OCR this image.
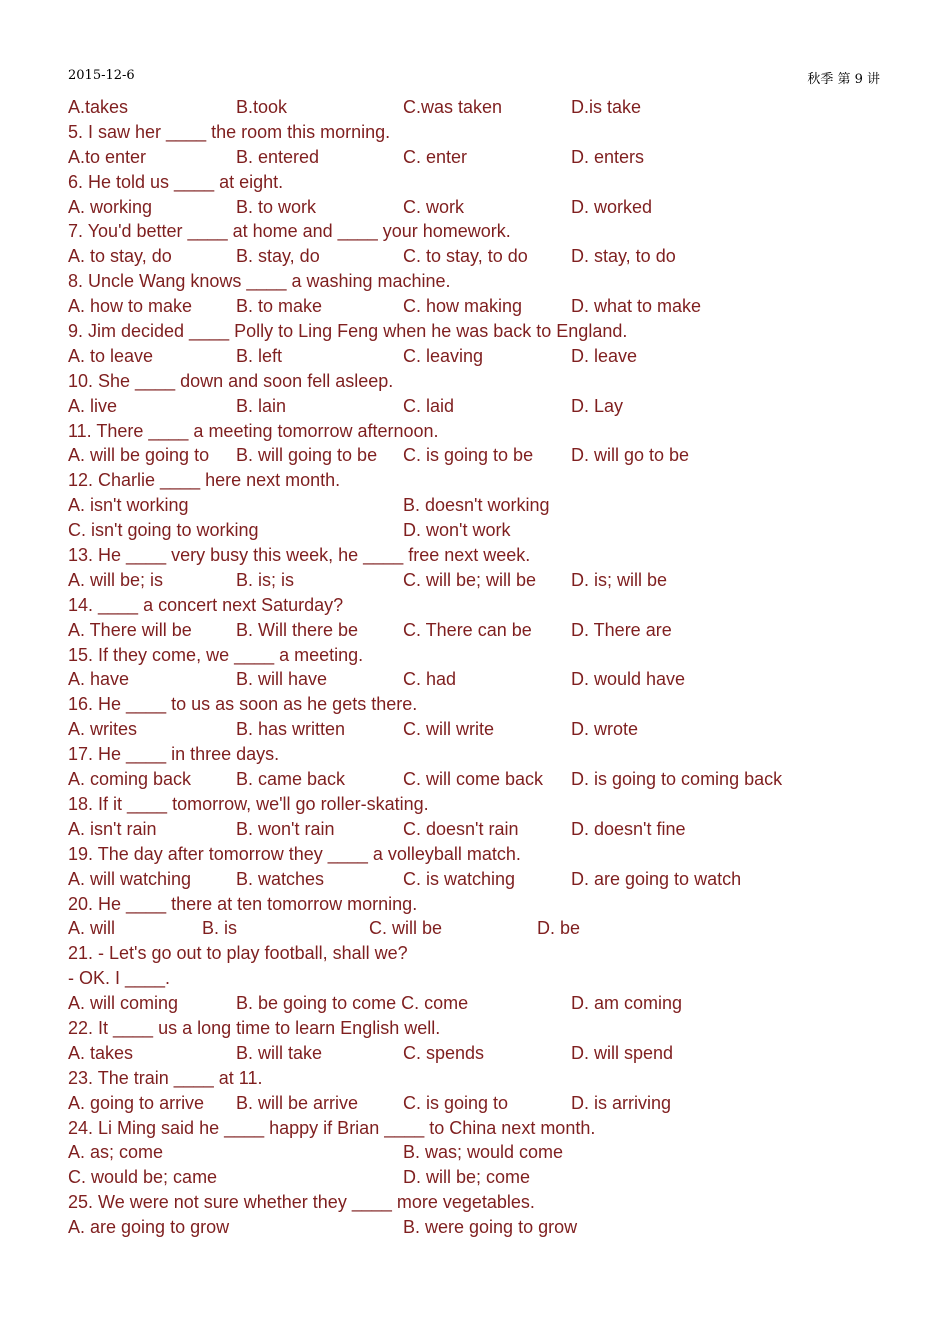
2015-12-6	秋季 第 9 讲
A.takes	B.took	C.was taken	D.is take
5. I saw her ____ the room this morning.
A.to enter	B. entered	C. enter	D. enters
6. He told us ____ at eight.
A. working	B. to work	C. work	D. worked
7. You'd better ____ at home and ____ your homework.
A. to stay, do	B. stay, do	C. to stay, to do D. stay, to do
8. Uncle Wang knows ____ a washing machine.
A. how to make B. to make	C. how making	D. what to make
9. Jim decided ____ Polly to Ling Feng when he was back to England.
A. to leave	B. left	C. leaving	D. leave
10. She ____ down and soon fell asleep.
A. live	B. lain	C. laid	D. Lay
11. There ____ a meeting tomorrow afternoon.
A. will be going to B. will going to be C. is going to be D. will go to be
12. Charlie ____ here next month.
A. isn't working	B. doesn't working
C. isn't going to working	D. won't work
13. He ____ very busy this week, he ____ free next week.
A. will be; is	B. is; is	C. will be; will be D. is; will be
14. ____ a concert next Saturday?
A. There will be B. Will there be C. There can be D. There are
15. If they come, we ____ a meeting.
A. have	B. will have	C. had	D. would have
16. He ____ to us as soon as he gets there.
A. writes	B. has written	C. will write	D. wrote
17. He ____ in three days.
A. coming back B. came back	C. will come back D. is going to coming back
18. If it ____ tomorrow, we'll go roller-skating.
A. isn't rain	B. won't rain	C. doesn't rain	D. doesn't fine
19. The day after tomorrow they ____ a volleyball match.
A. will watching B. watches	C. is watching	D. are going to watch
20. He ____ there at ten tomorrow morning.
A. will	B. is	C. will be	D. be
21. - Let's go out to play football, shall we?
- OK. I ____.
A. will coming	B. be going to come C. come	D. am coming
22. It ____ us a long time to learn English well.
A. takes	B. will take	C. spends	D. will spend
23. The train ____ at 11.
A. going to arrive B. will be arrive C. is going to	D. is arriving
24. Li Ming said he ____ happy if Brian ____ to China next month.
A. as; come	B. was; would come
C. would be; came	D. will be; come
25. We were not sure whether they ____ more vegetables.
A. are going to grow	B. were going to grow
